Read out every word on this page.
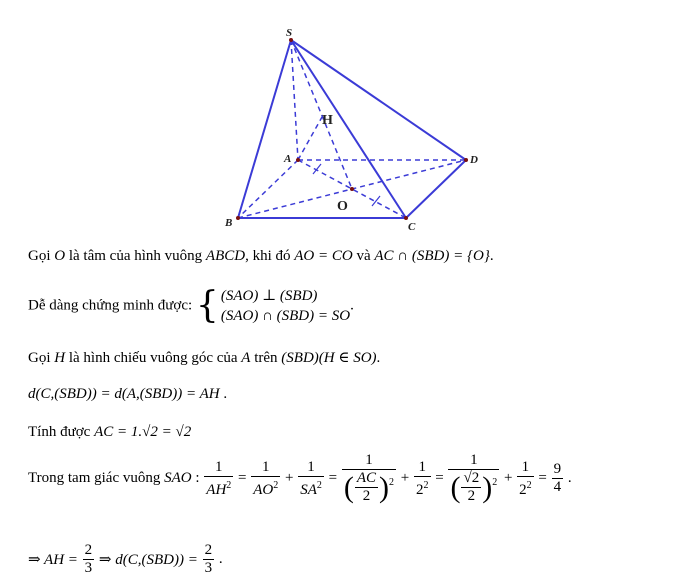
S
A
B	C
D
H
O
Gọi O là tâm của hình vuông ABCD, khi đó AO = CO và AC ∩ (SBD) = {O}.
Dễ dàng chứng minh được: { (SAO) ⊥ (SBD)
(SAO) ∩ (SBD) = SO
.
Gọi H là hình chiếu vuông góc của A trên (SBD)(H ∈ SO).
d(C,(SBD)) = d(A,(SBD)) = AH .
Tính được AC = 1.√2 = √2
Trong tam giác vuông SAO : $\frac{1}{AH^2} = \frac{1}{AO^2} + \frac{1}{SA^2} = \frac{1}{( \frac{AC}{2} )^2} + \frac{1}{2^2} = \frac{1}{( \frac{√2}{2} )^2} + \frac{1}{2^2} = \frac{9}{4}$ .
⇒ AH = $\frac{2}{3}$ ⇒ $d(C,(SBD)) = \frac{2}{3}$ .
